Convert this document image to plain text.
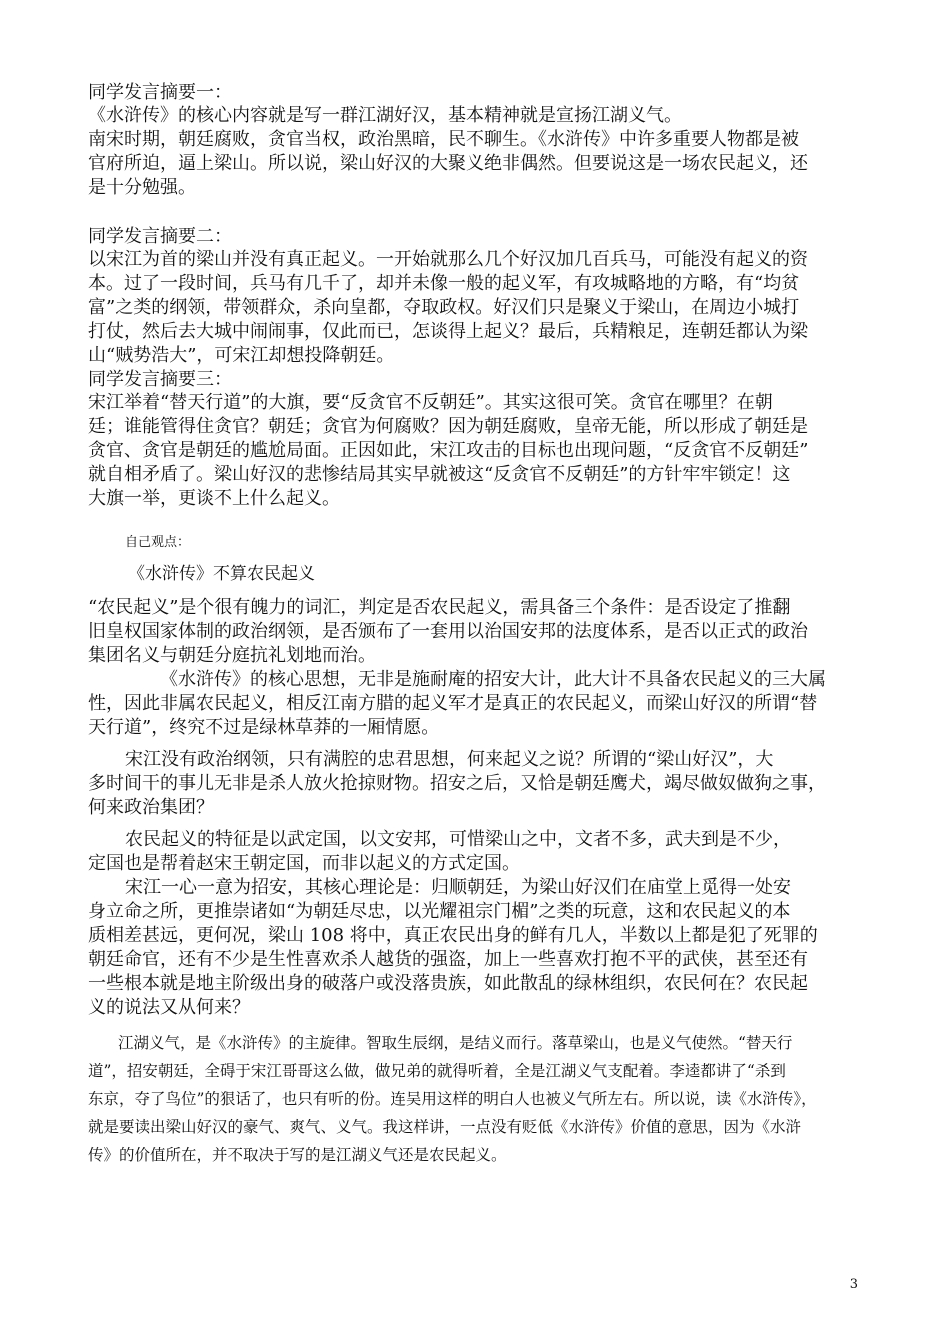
同学发言摘要一：
《水浒传》的核心内容就是写一群江湖好汉，基本精神就是宣扬江湖义气。
南宋时期，朝廷腐败，贪官当权，政治黑暗，民不聊生。《水浒传》中许多重要人物都是被
官府所迫，逼上梁山。所以说，梁山好汉的大聚义绝非偶然。但要说这是一场农民起义，还
是十分勉强。
同学发言摘要二：
以宋江为首的梁山并没有真正起义。一开始就那么几个好汉加几百兵马，可能没有起义的资
本。过了一段时间，兵马有几千了，却并未像一般的起义军，有攻城略地的方略，有“均贫
富”之类的纲领，带领群众，杀向皇都，夺取政权。好汉们只是聚义于梁山，在周边小城打
打仗，然后去大城中闹闹事，仅此而已，怎谈得上起义？最后，兵精粮足，连朝廷都认为梁
山“贼势浩大”，可宋江却想投降朝廷。
同学发言摘要三：
宋江举着“替天行道”的大旗，要“反贪官不反朝廷”。其实这很可笑。贪官在哪里？在朝
廷；谁能管得住贪官？朝廷；贪官为何腐败？因为朝廷腐败，皇帝无能，所以形成了朝廷是
贪官、贪官是朝廷的尴尬局面。正因如此，宋江攻击的目标也出现问题，“反贪官不反朝廷”
就自相矛盾了。梁山好汉的悲惨结局其实早就被这“反贪官不反朝廷”的方针牢牢锁定！这
大旗一举，更谈不上什么起义。
自己观点：
《水浒传》不算农民起义
“农民起义”是个很有魄力的词汇，判定是否农民起义，需具备三个条件：是否设定了推翻
旧皇权国家体制的政治纲领，是否颁布了一套用以治国安邦的法度体系，是否以正式的政治
集团名义与朝廷分庭抗礼划地而治。
《水浒传》的核心思想，无非是施耐庵的招安大计，此大计不具备农民起义的三大属
性，因此非属农民起义，相反江南方腊的起义军才是真正的农民起义，而梁山好汉的所谓“替
天行道”，终究不过是绿林草莽的一厢情愿。
宋江没有政治纲领，只有满腔的忠君思想，何来起义之说？所谓的“梁山好汉”，大
多时间干的事儿无非是杀人放火抢掠财物。招安之后，又恰是朝廷鹰犬，竭尽做奴做狗之事，
何来政治集团？
农民起义的特征是以武定国，以文安邦，可惜梁山之中，文者不多，武夫到是不少，
定国也是帮着赵宋王朝定国，而非以起义的方式定国。
宋江一心一意为招安，其核心理论是：归顺朝廷，为梁山好汉们在庙堂上觅得一处安
身立命之所，更推崇诸如“为朝廷尽忠，以光耀祖宗门楣”之类的玩意，这和农民起义的本
质相差甚远，更何况，梁山 108 将中，真正农民出身的鲜有几人，半数以上都是犯了死罪的
朝廷命官，还有不少是生性喜欢杀人越货的强盗，加上一些喜欢打抱不平的武侠，甚至还有
一些根本就是地主阶级出身的破落户或没落贵族，如此散乱的绿林组织，农民何在？农民起
义的说法又从何来？
江湖义气，是《水浒传》的主旋律。智取生辰纲，是结义而行。落草梁山，也是义气使然。“替天行
道”，招安朝廷，全碍于宋江哥哥这么做，做兄弟的就得听着，全是江湖义气支配着。李逵都讲了“杀到
东京，夺了鸟位”的狠话了，也只有听的份。连吴用这样的明白人也被义气所左右。所以说，读《水浒传》，
就是要读出梁山好汉的豪气、爽气、义气。我这样讲，一点没有贬低《水浒传》价值的意思，因为《水浒
传》的价值所在，并不取决于写的是江湖义气还是农民起义。
3
